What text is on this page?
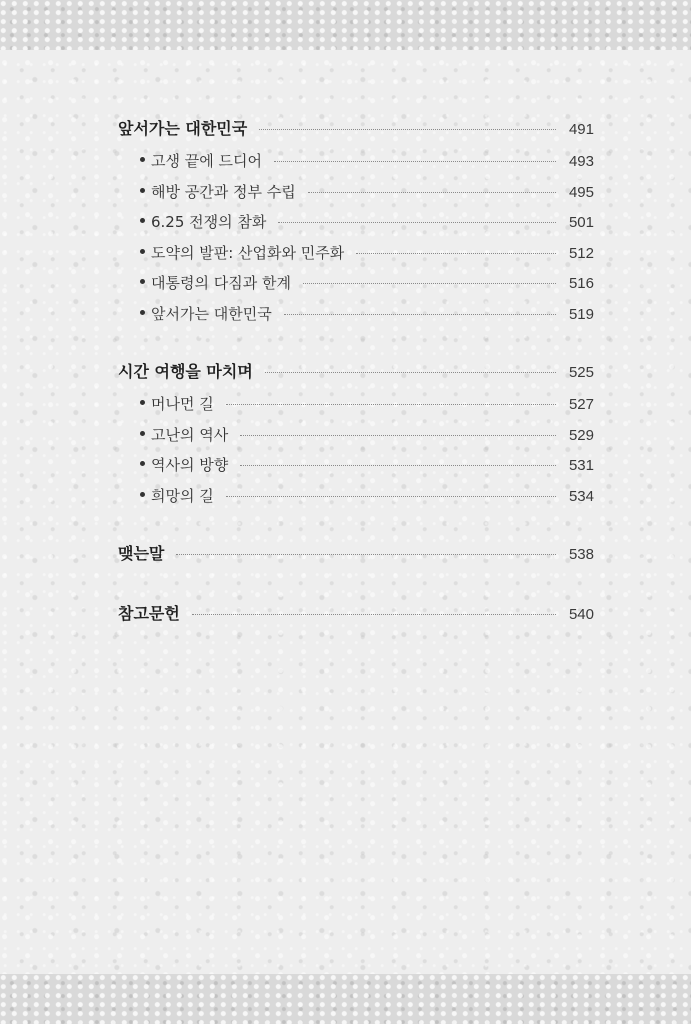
앞서가는 대한민국	491
고생 끝에 드디어	493
해방 공간과 정부 수립	495
6.25 전쟁의 참화	501
도약의 발판: 산업화와 민주화	512
대통령의 다짐과 한계	516
앞서가는 대한민국	519
시간 여행을 마치며	525
머나먼 길	527
고난의 역사	529
역사의 방향	531
희망의 길	534
맺는말	538
참고문헌	540
